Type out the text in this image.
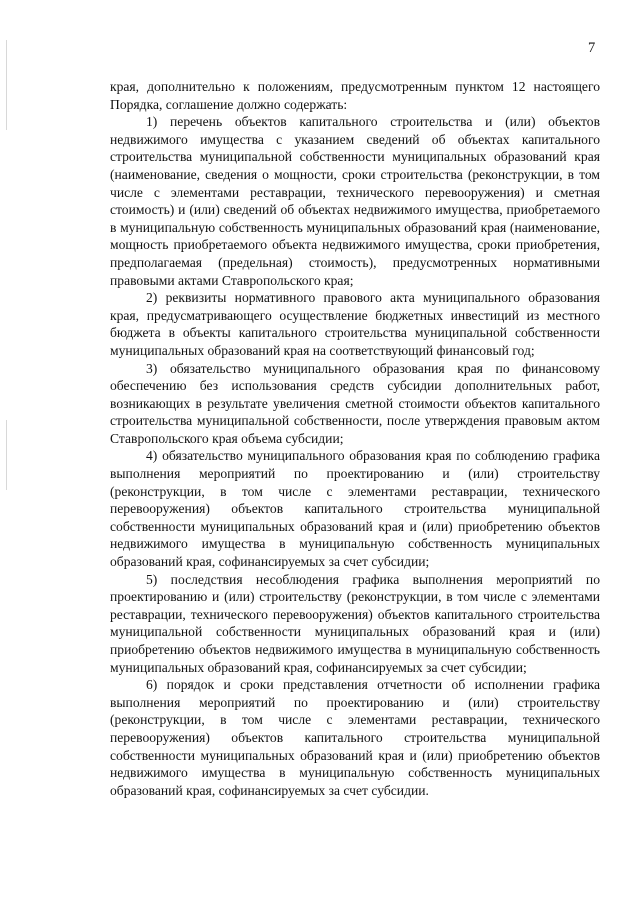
7

края, дополнительно к положениям, предусмотренным пунктом 12 настоящего Порядка, соглашение должно содержать:

1) перечень объектов капитального строительства и (или) объектов недвижимого имущества с указанием сведений об объектах капитального строительства муниципальной собственности муниципальных образований края (наименование, сведения о мощности, сроки строительства (реконструкции, в том числе с элементами реставрации, технического перевооружения) и сметная стоимость) и (или) сведений об объектах недвижимого имущества, приобретаемого в муниципальную собственность муниципальных образований края (наименование, мощность приобретаемого объекта недвижимого имущества, сроки приобретения, предполагаемая (предельная) стоимость), предусмотренных нормативными правовыми актами Ставропольского края;

2) реквизиты нормативного правового акта муниципального образования края, предусматривающего осуществление бюджетных инвестиций из местного бюджета в объекты капитального строительства муниципальной собственности муниципальных образований края на соответствующий финансовый год;

3) обязательство муниципального образования края по финансовому обеспечению без использования средств субсидии дополнительных работ, возникающих в результате увеличения сметной стоимости объектов капитального строительства муниципальной собственности, после утверждения правовым актом Ставропольского края объема субсидии;

4) обязательство муниципального образования края по соблюдению графика выполнения мероприятий по проектированию и (или) строительству (реконструкции, в том числе с элементами реставрации, технического перевооружения) объектов капитального строительства муниципальной собственности муниципальных образований края и (или) приобретению объектов недвижимого имущества в муниципальную собственность муниципальных образований края, софинансируемых за счет субсидии;

5) последствия несоблюдения графика выполнения мероприятий по проектированию и (или) строительству (реконструкции, в том числе с элементами реставрации, технического перевооружения) объектов капитального строительства муниципальной собственности муниципальных образований края и (или) приобретению объектов недвижимого имущества в муниципальную собственность муниципальных образований края, софинансируемых за счет субсидии;

6) порядок и сроки представления отчетности об исполнении графика выполнения мероприятий по проектированию и (или) строительству (реконструкции, в том числе с элементами реставрации, технического перевооружения) объектов капитального строительства муниципальной собственности муниципальных образований края и (или) приобретению объектов недвижимого имущества в муниципальную собственность муниципальных образований края, софинансируемых за счет субсидии.
